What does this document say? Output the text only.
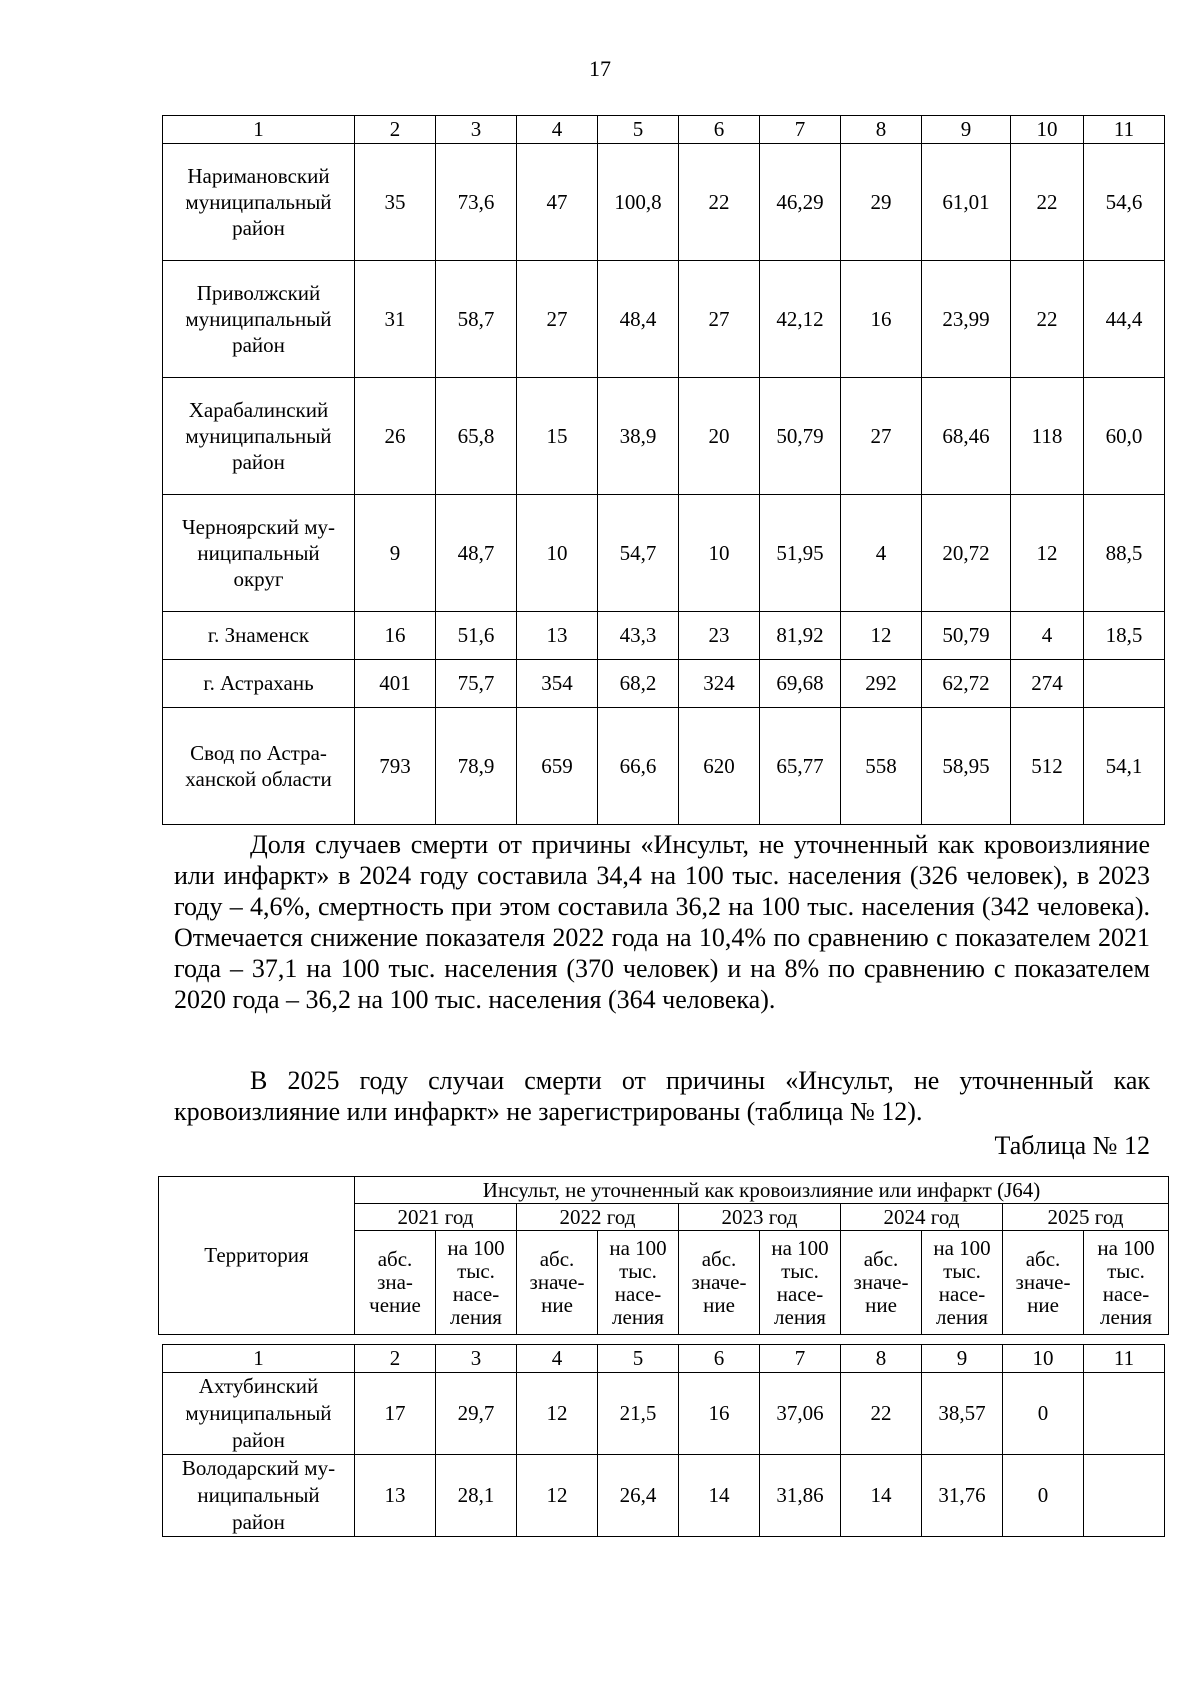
17
1	2	3	4	5	6	7	8	9	10	11
Наримановский
муниципальный
район	35	73,6	47	100,8	22	46,29	29	61,01	22	54,6
Приволжский
муниципальный
район	31	58,7	27	48,4	27	42,12	16	23,99	22	44,4
Харабалинский
муниципальный
район	26	65,8	15	38,9	20	50,79	27	68,46	118	60,0
Черноярский му-
ниципальный
округ	9	48,7	10	54,7	10	51,95	4	20,72	12	88,5
г. Знаменск	16	51,6	13	43,3	23	81,92	12	50,79	4	18,5
г. Астрахань	401	75,7	354	68,2	324	69,68	292	62,72	274	
Свод по Астра-
ханской области	793	78,9	659	66,6	620	65,77	558	58,95	512	54,1
Доля случаев смерти от причины «Инсульт, не уточненный как кровоизлияние или инфаркт» в 2024 году составила 34,4 на 100 тыс. населения (326 человек), в 2023 году – 4,6%, смертность при этом составила 36,2 на 100 тыс. населения (342 человека). Отмечается снижение показателя 2022 года на 10,4% по сравнению с показателем 2021 года – 37,1 на 100 тыс. населения (370 человек) и на 8% по сравнению с показателем 2020 года – 36,2 на 100 тыс. населения (364 человека).
В 2025 году случаи смерти от причины «Инсульт, не уточненный как кровоизлияние или инфаркт» не зарегистрированы (таблица № 12).
Таблица № 12
Территория	Инсульт, не уточненный как кровоизлияние или инфаркт (J64)									
	2021 год		2022 год		2023 год		2024 год		2025 год	
	абс.
зна-
чение	на 100
тыс.
насе-
ления	абс.
значе-
ние	на 100
тыс.
насе-
ления	абс.
значе-
ние	на 100
тыс.
насе-
ления	абс.
значе-
ние	на 100
тыс.
насе-
ления	абс.
значе-
ние	на 100
тыс.
насе-
ления
1	2	3	4	5	6	7	8	9	10	11
Ахтубинский
муниципальный
район	17	29,7	12	21,5	16	37,06	22	38,57	0	
Володарский му-
ниципальный
район	13	28,1	12	26,4	14	31,86	14	31,76	0	
